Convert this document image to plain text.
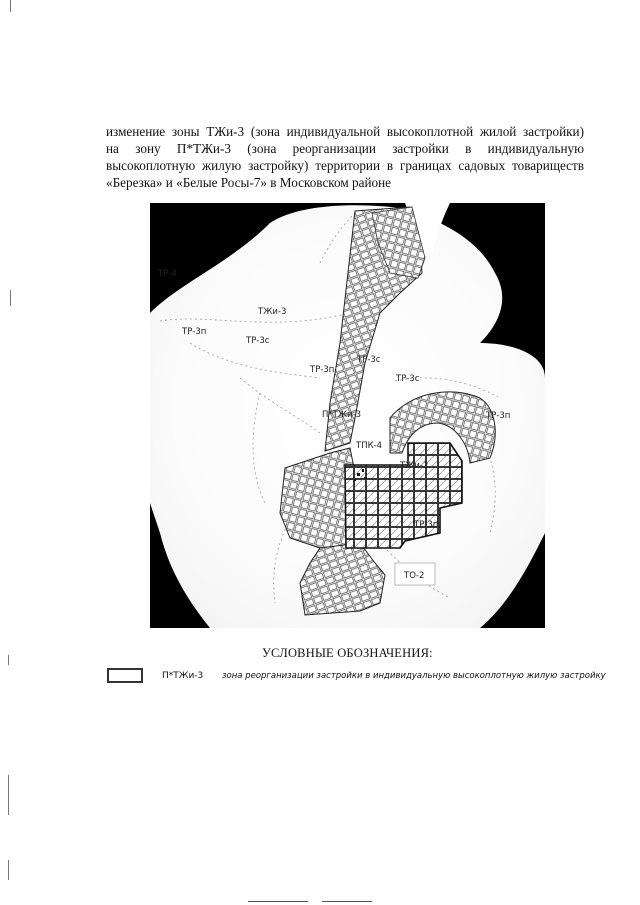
изменение зоны ТЖи-3 (зона индивидуальной высокоплотной жилой застройки)
на зону П*ТЖи-3 (зона реорганизации застройки в индивидуальную
высокоплотную жилую застройку) территории в границах садовых товариществ
«Березка» и «Белые Росы-7» в Московском районе
ТР-4
ТЖи-3
ТР-3п
ТР-3с
ТР-3п
ТР-3с
ТР-3с
ТР-3п
П*ТЖи-3
ТПК-4
ТЖи-2
ТР-3п
ТО-2
УСЛОВНЫЕ ОБОЗНАЧЕНИЯ:
П*ТЖи-3 зона реорганизации застройки в индивидуальную высокоплотную жилую застройку
